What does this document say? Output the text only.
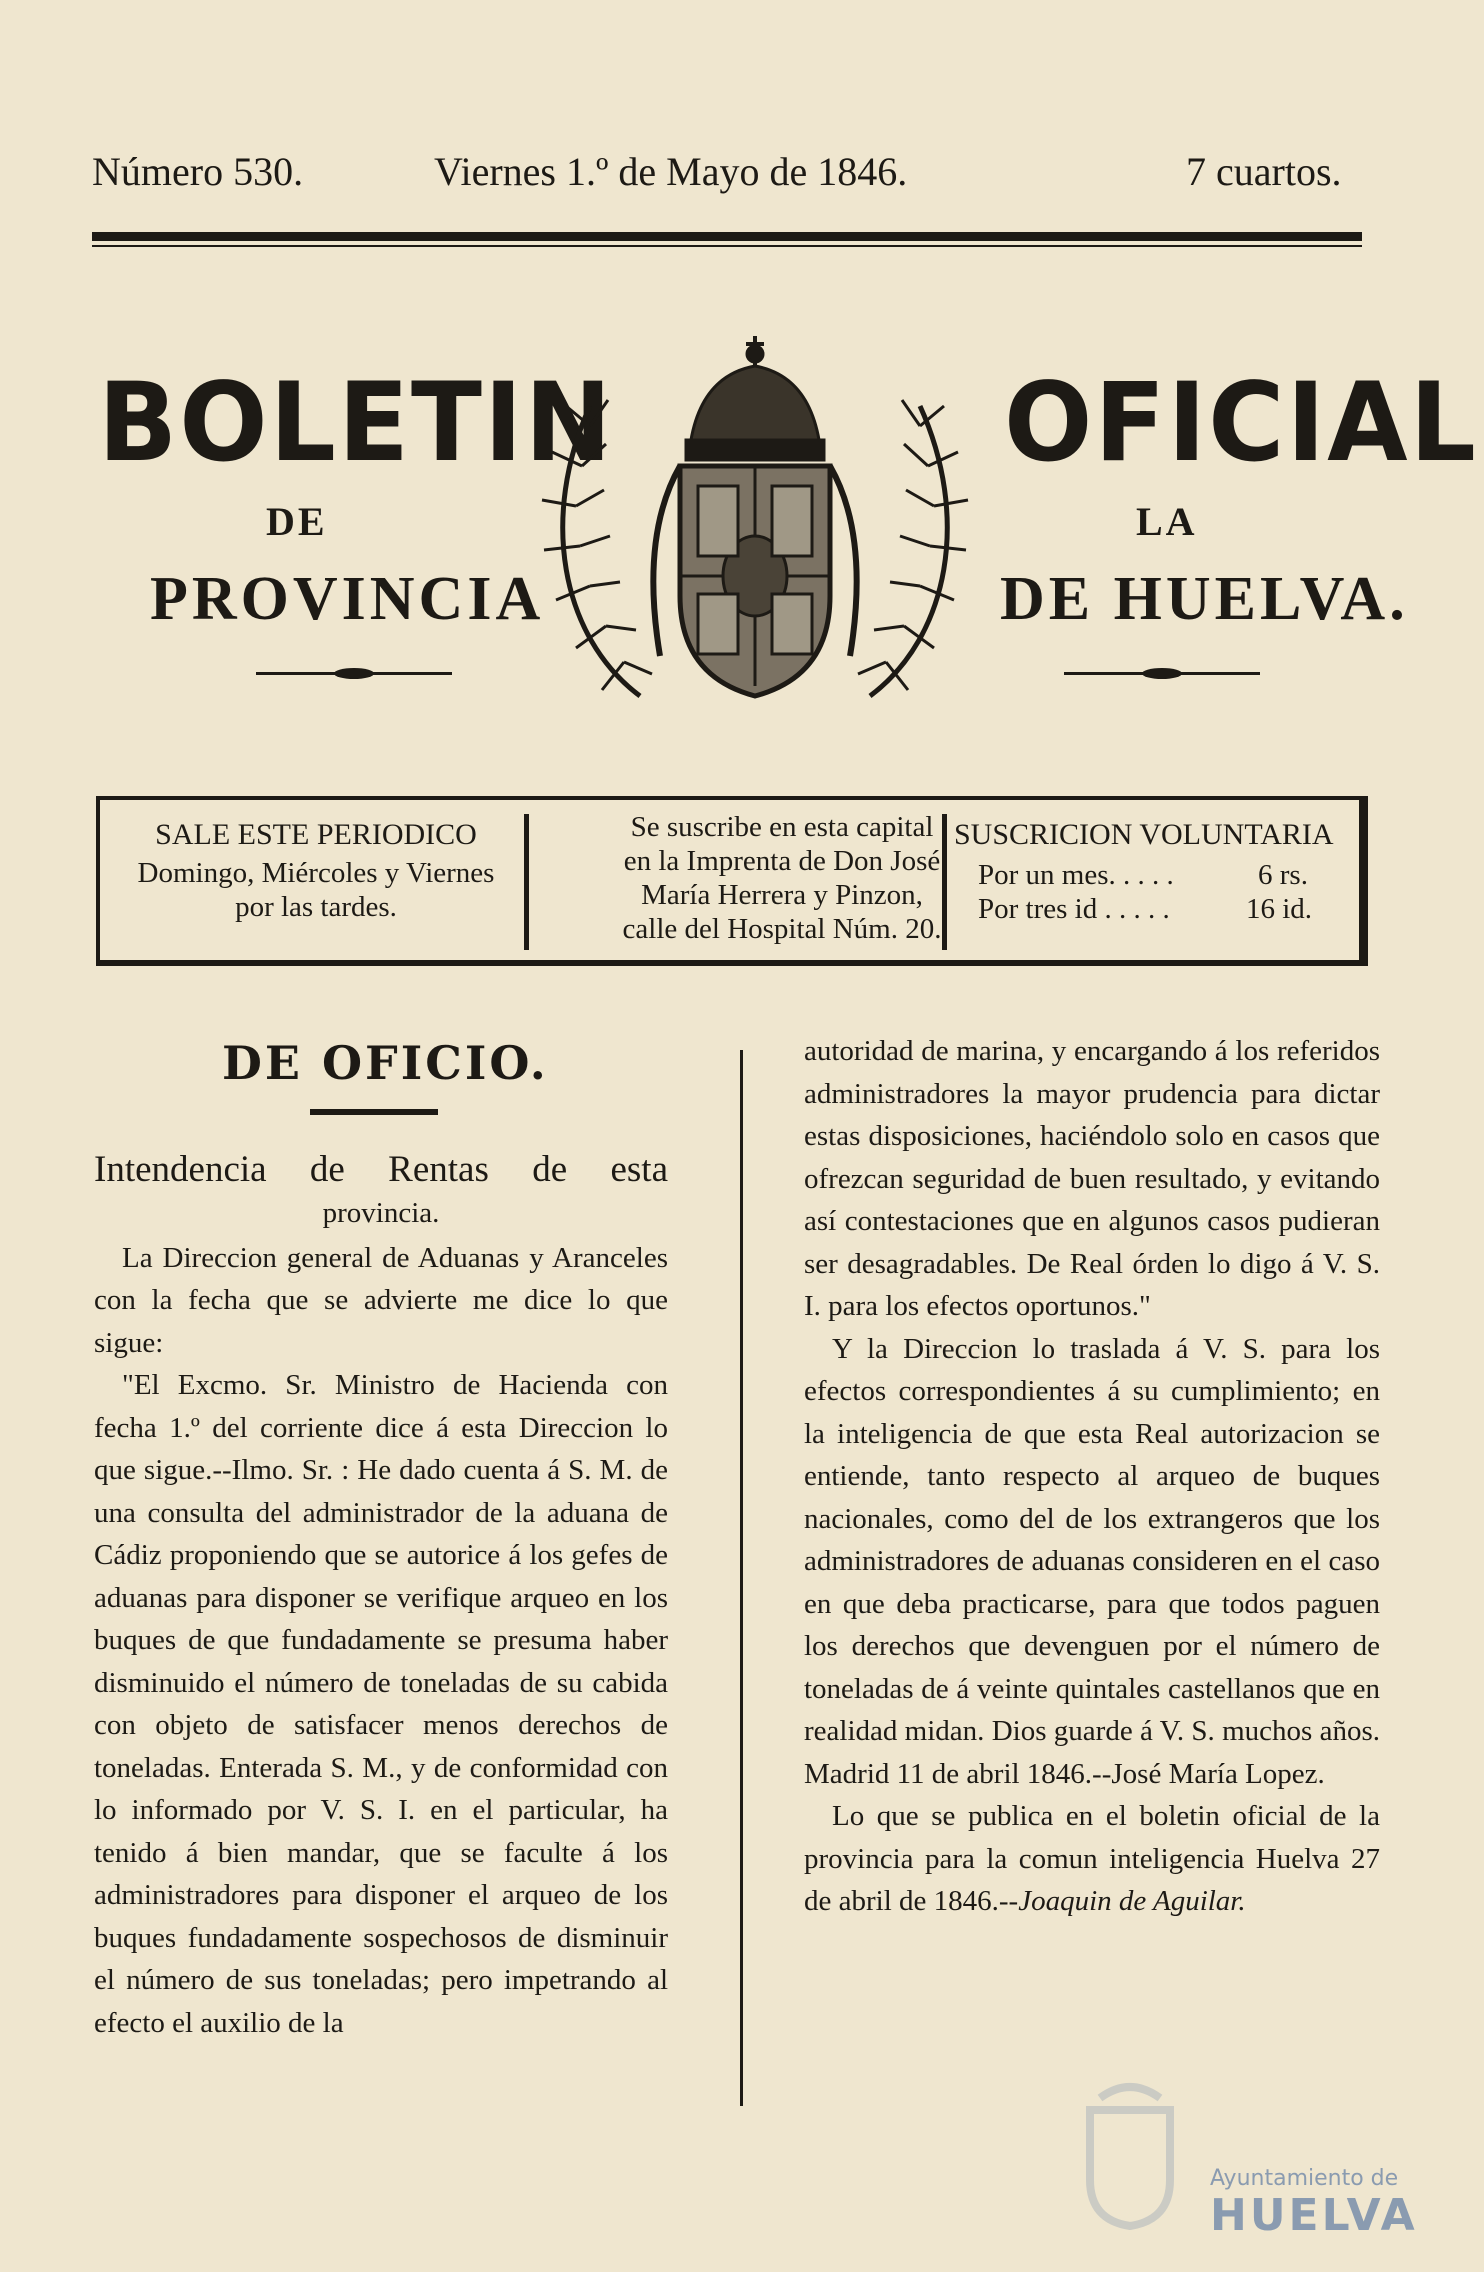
Número 530.	Viernes 1.º de Mayo de 1846.	7 cuartos.
BOLETIN	OFICIAL
DE	LA
PROVINCIA	DE HUELVA.
SALE ESTE PERIODICO
Domingo, Miércoles y Viernes
por las tardes.
Se suscribe en esta capital
en la Imprenta de Don José
María Herrera y Pinzon,
calle del Hospital Núm. 20.
SUSCRICION VOLUNTARIA
Por un mes. . . . .	6 rs.
Por tres id . . . . .	16 id.
DE OFICIO.

Intendencia de Rentas de esta

provincia.

La Direccion general de Aduanas y Aranceles con la fecha que se advierte me dice lo que sigue:

"El Excmo. Sr. Ministro de Hacienda con fecha 1.º del corriente dice á esta Direccion lo que sigue.--Ilmo. Sr. : He dado cuenta á S. M. de una consulta del administrador de la aduana de Cádiz proponiendo que se autorice á los gefes de aduanas para disponer se verifique arqueo en los buques de que fundadamente se presuma haber disminuido el número de toneladas de su cabida con objeto de satisfacer menos derechos de toneladas. Enterada S. M., y de conformidad con lo informado por V. S. I. en el particular, ha tenido á bien mandar, que se faculte á los administradores para disponer el arqueo de los buques fundadamente sospechosos de disminuir el número de sus toneladas; pero impetrando al efecto el auxilio de la

autoridad de marina, y encargando á los referidos administradores la mayor prudencia para dictar estas disposiciones, haciéndolo solo en casos que ofrezcan seguridad de buen resultado, y evitando así contestaciones que en algunos casos pudieran ser desagradables. De Real órden lo digo á V. S. I. para los efectos oportunos."

Y la Direccion lo traslada á V. S. para los efectos correspondientes á su cumplimiento; en la inteligencia de que esta Real autorizacion se entiende, tanto respecto al arqueo de buques nacionales, como del de los extrangeros que los administradores de aduanas consideren en el caso en que deba practicarse, para que todos paguen los derechos que devenguen por el número de toneladas de á veinte quintales castellanos que en realidad midan. Dios guarde á V. S. muchos años. Madrid 11 de abril 1846.--José María Lopez.

Lo que se publica en el boletin oficial de la provincia para la comun inteligencia Huelva 27 de abril de 1846.--Joaquin de Aguilar.

Ayuntamiento de
HUELVA
